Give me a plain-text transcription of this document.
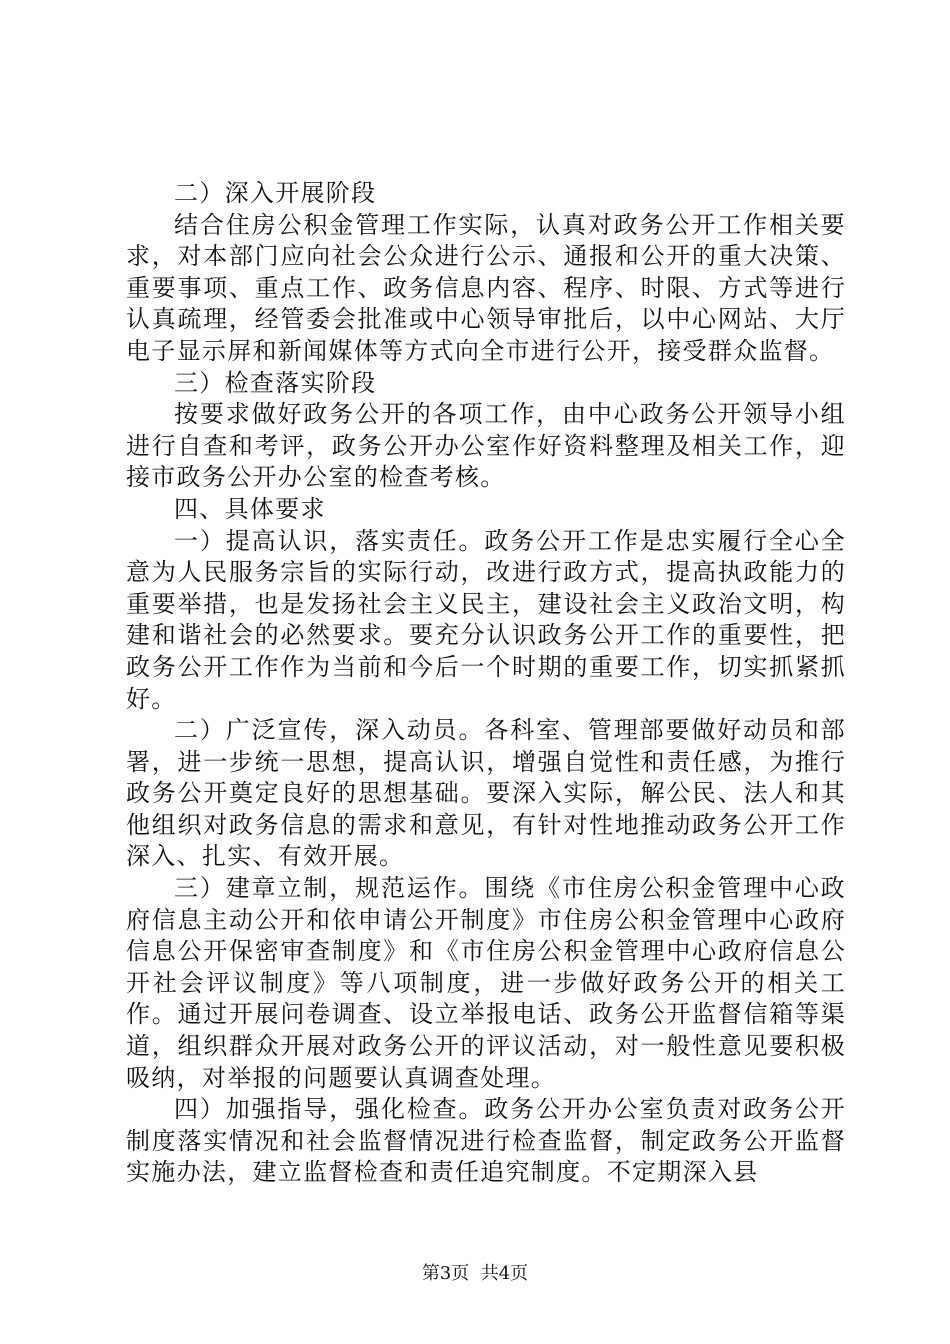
二）深入开展阶段

结合住房公积金管理工作实际，认真对政务公开工作相关要求，对本部门应向社会公众进行公示、通报和公开的重大决策、重要事项、重点工作、政务信息内容、程序、时限、方式等进行认真疏理，经管委会批准或中心领导审批后，以中心网站、大厅电子显示屏和新闻媒体等方式向全市进行公开，接受群众监督。

三）检查落实阶段

按要求做好政务公开的各项工作，由中心政务公开领导小组进行自查和考评，政务公开办公室作好资料整理及相关工作，迎接市政务公开办公室的检查考核。

四、具体要求

一）提高认识，落实责任。政务公开工作是忠实履行全心全意为人民服务宗旨的实际行动，改进行政方式，提高执政能力的重要举措，也是发扬社会主义民主，建设社会主义政治文明，构建和谐社会的必然要求。要充分认识政务公开工作的重要性，把政务公开工作作为当前和今后一个时期的重要工作，切实抓紧抓好。

二）广泛宣传，深入动员。各科室、管理部要做好动员和部署，进一步统一思想，提高认识，增强自觉性和责任感，为推行政务公开奠定良好的思想基础。要深入实际，解公民、法人和其他组织对政务信息的需求和意见，有针对性地推动政务公开工作深入、扎实、有效开展。

三）建章立制，规范运作。围绕《市住房公积金管理中心政府信息主动公开和依申请公开制度》市住房公积金管理中心政府信息公开保密审查制度》和《市住房公积金管理中心政府信息公开社会评议制度》等八项制度，进一步做好政务公开的相关工作。通过开展问卷调查、设立举报电话、政务公开监督信箱等渠道，组织群众开展对政务公开的评议活动，对一般性意见要积极吸纳，对举报的问题要认真调查处理。

四）加强指导，强化检查。政务公开办公室负责对政务公开制度落实情况和社会监督情况进行检查监督，制定政务公开监督实施办法，建立监督检查和责任追究制度。不定期深入县

第3页  共4页
